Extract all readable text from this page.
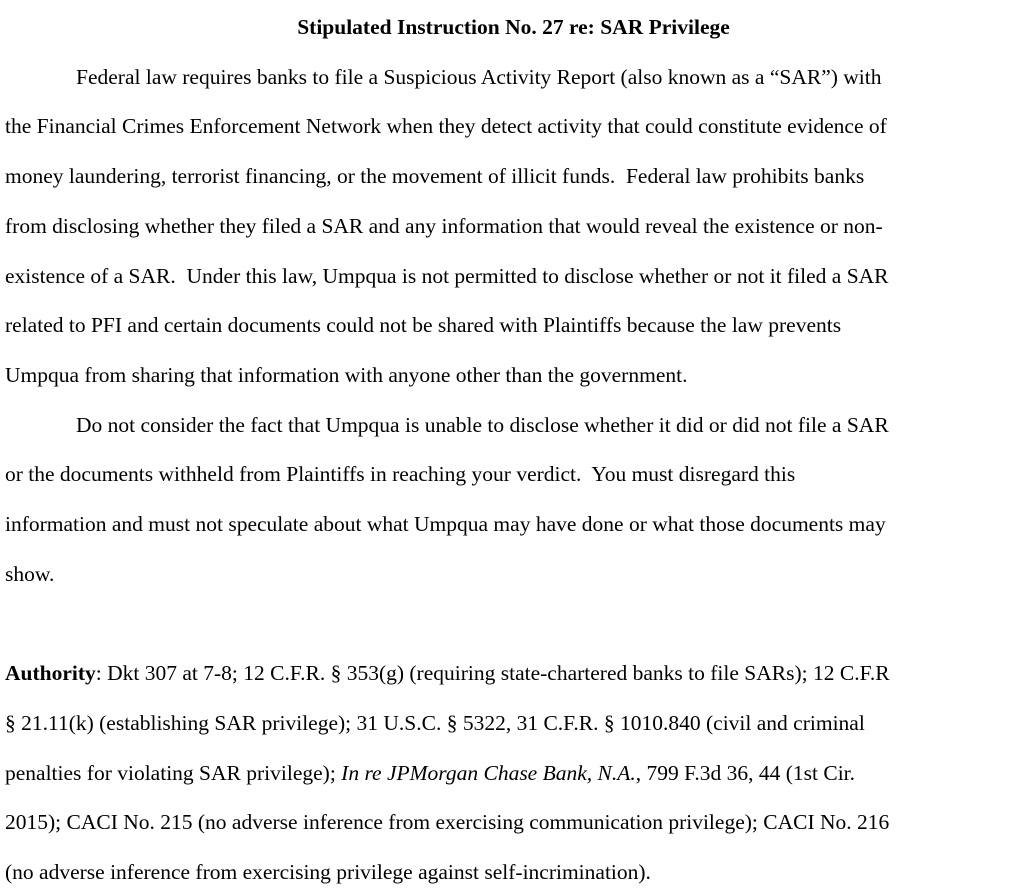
Stipulated Instruction No. 27 re: SAR Privilege
Federal law requires banks to file a Suspicious Activity Report (also known as a “SAR”) with
the Financial Crimes Enforcement Network when they detect activity that could constitute evidence of
money laundering, terrorist financing, or the movement of illicit funds.  Federal law prohibits banks
from disclosing whether they filed a SAR and any information that would reveal the existence or non-
existence of a SAR.  Under this law, Umpqua is not permitted to disclose whether or not it filed a SAR
related to PFI and certain documents could not be shared with Plaintiffs because the law prevents
Umpqua from sharing that information with anyone other than the government.
Do not consider the fact that Umpqua is unable to disclose whether it did or did not file a SAR
or the documents withheld from Plaintiffs in reaching your verdict.  You must disregard this
information and must not speculate about what Umpqua may have done or what those documents may
show.
Authority: Dkt 307 at 7-8; 12 C.F.R. § 353(g) (requiring state-chartered banks to file SARs); 12 C.F.R
§ 21.11(k) (establishing SAR privilege); 31 U.S.C. § 5322, 31 C.F.R. § 1010.840 (civil and criminal
penalties for violating SAR privilege); In re JPMorgan Chase Bank, N.A., 799 F.3d 36, 44 (1st Cir.
2015); CACI No. 215 (no adverse inference from exercising communication privilege); CACI No. 216
(no adverse inference from exercising privilege against self-incrimination).
